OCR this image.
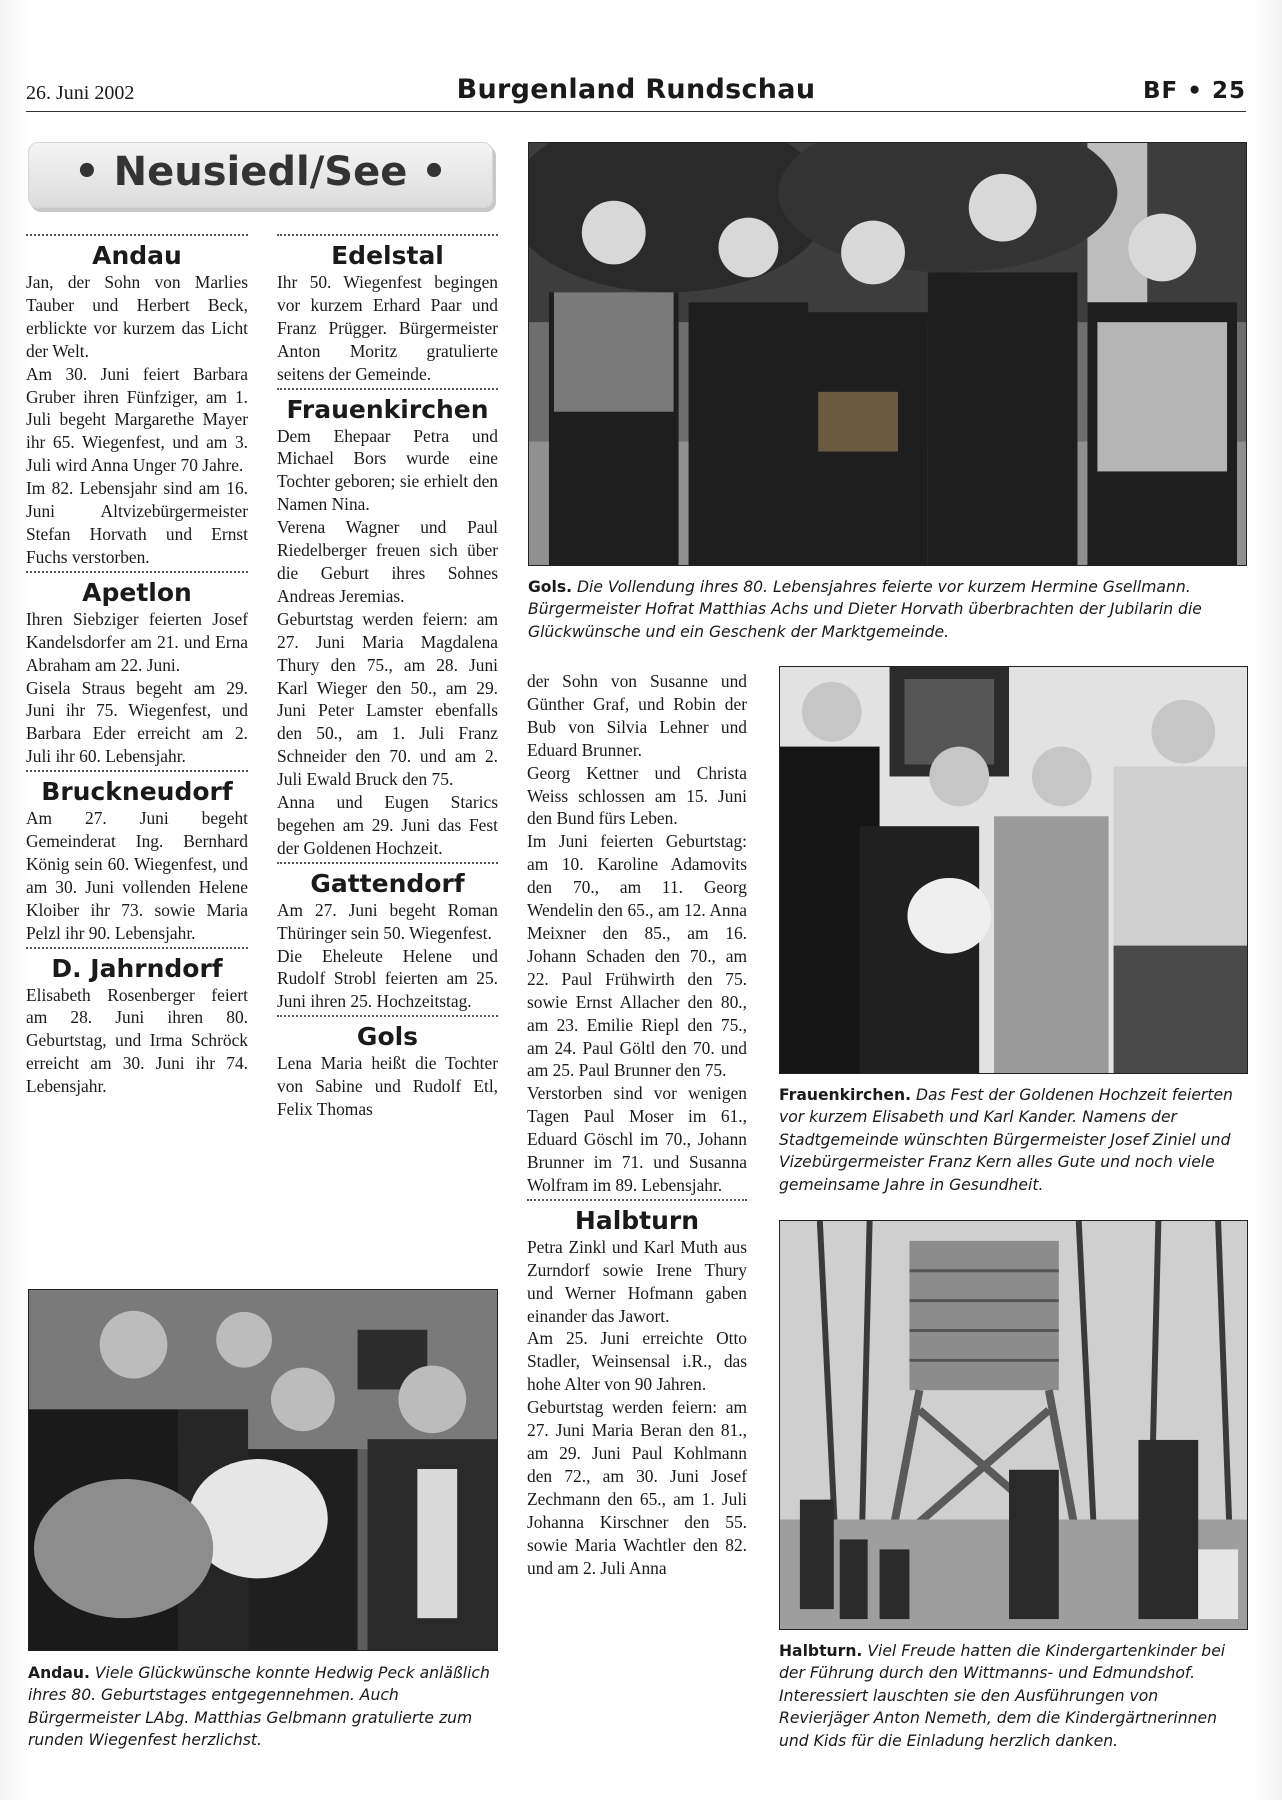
26. Juni 2002	Burgenland Rundschau	BF • 25
• Neusiedl/See •
Andau

Jan, der Sohn von Marlies Tauber und Herbert Beck, erblickte vor kurzem das Licht der Welt.

Am 30. Juni feiert Barbara Gruber ihren Fünfziger, am 1. Juli begeht Margarethe Mayer ihr 65. Wiegenfest, und am 3. Juli wird Anna Unger 70 Jahre.

Im 82. Lebensjahr sind am 16. Juni Altvizebürgermeister Stefan Horvath und Ernst Fuchs verstorben.

Apetlon

Ihren Siebziger feierten Josef Kandelsdorfer am 21. und Erna Abraham am 22. Juni.

Gisela Straus begeht am 29. Juni ihr 75. Wiegenfest, und Barbara Eder erreicht am 2. Juli ihr 60. Lebensjahr.

Bruckneudorf

Am 27. Juni begeht Gemeinderat Ing. Bernhard König sein 60. Wiegenfest, und am 30. Juni vollenden Helene Kloiber ihr 73. sowie Maria Pelzl ihr 90. Lebensjahr.

D. Jahrndorf

Elisabeth Rosenberger feiert am 28. Juni ihren 80. Geburtstag, und Irma Schröck erreicht am 30. Juni ihr 74. Lebensjahr.

Edelstal

Ihr 50. Wiegenfest begingen vor kurzem Erhard Paar und Franz Prügger. Bürgermeister Anton Moritz gratulierte seitens der Gemeinde.

Frauenkirchen

Dem Ehepaar Petra und Michael Bors wurde eine Tochter geboren; sie erhielt den Namen Nina.

Verena Wagner und Paul Riedelberger freuen sich über die Geburt ihres Sohnes Andreas Jeremias.

Geburtstag werden feiern: am 27. Juni Maria Magdalena Thury den 75., am 28. Juni Karl Wieger den 50., am 29. Juni Peter Lamster ebenfalls den 50., am 1. Juli Franz Schneider den 70. und am 2. Juli Ewald Bruck den 75.

Anna und Eugen Starics begehen am 29. Juni das Fest der Goldenen Hochzeit.

Gattendorf

Am 27. Juni begeht Roman Thüringer sein 50. Wiegenfest.

Die Eheleute Helene und Rudolf Strobl feierten am 25. Juni ihren 25. Hochzeitstag.

Gols

Lena Maria heißt die Tochter von Sabine und Rudolf Etl, Felix Thomas

der Sohn von Susanne und Günther Graf, und Robin der Bub von Silvia Lehner und Eduard Brunner.

Georg Kettner und Christa Weiss schlossen am 15. Juni den Bund fürs Leben.

Im Juni feierten Geburtstag: am 10. Karoline Adamovits den 70., am 11. Georg Wendelin den 65., am 12. Anna Meixner den 85., am 16. Johann Schaden den 70., am 22. Paul Frühwirth den 75. sowie Ernst Allacher den 80., am 23. Emilie Riepl den 75., am 24. Paul Göltl den 70. und am 25. Paul Brunner den 75.

Verstorben sind vor wenigen Tagen Paul Moser im 61., Eduard Göschl im 70., Johann Brunner im 71. und Susanna Wolfram im 89. Lebensjahr.

Halbturn

Petra Zinkl und Karl Muth aus Zurndorf sowie Irene Thury und Werner Hofmann gaben einander das Jawort.

Am 25. Juni erreichte Otto Stadler, Weinsensal i.R., das hohe Alter von 90 Jahren.

Geburtstag werden feiern: am 27. Juni Maria Beran den 81., am 29. Juni Paul Kohlmann den 72., am 30. Juni Josef Zechmann den 65., am 1. Juli Johanna Kirschner den 55. sowie Maria Wachtler den 82. und am 2. Juli Anna

Gols. Die Vollendung ihres 80. Lebensjahres feierte vor kurzem Hermine Gsellmann. Bürgermeister Hofrat Matthias Achs und Dieter Horvath überbrachten der Jubilarin die Glückwünsche und ein Geschenk der Marktgemeinde.
Frauenkirchen. Das Fest der Goldenen Hochzeit feierten vor kurzem Elisabeth und Karl Kander. Namens der Stadtgemeinde wünschten Bürgermeister Josef Ziniel und Vizebürgermeister Franz Kern alles Gute und noch viele gemeinsame Jahre in Gesundheit.
Andau. Viele Glückwünsche konnte Hedwig Peck anläßlich ihres 80. Geburtstages entgegennehmen. Auch Bürgermeister LAbg. Matthias Gelbmann gratulierte zum runden Wiegenfest herzlichst.
Halbturn. Viel Freude hatten die Kindergartenkinder bei der Führung durch den Wittmanns- und Edmundshof. Interessiert lauschten sie den Ausführungen von Revierjäger Anton Nemeth, dem die Kindergärtnerinnen und Kids für die Einladung herzlich danken.
